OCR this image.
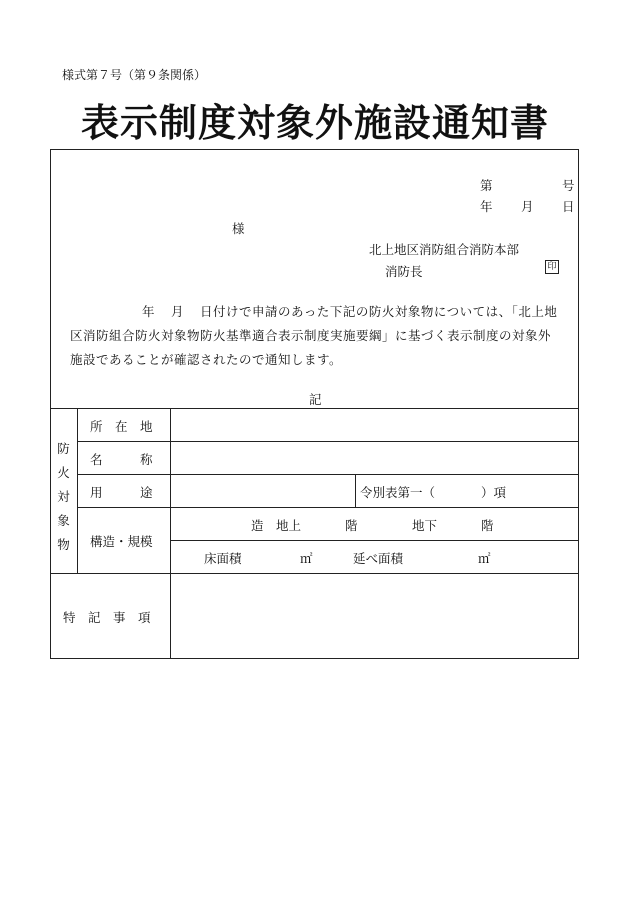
様式第７号（第９条関係）
表示制度対象外施設通知書
第	号
年 月 日
様
北上地区消防組合消防本部
消防長	印
年 月 日付けで申請のあった下記の防火対象物については、「北上地区消防組合防火対象物防火基準適合表示制度実施要綱」に基づく表示制度の対象外施設であることが確認されたので通知します。
記
防
火
対
象
物
所　在　地
名　　　称
用　　　途	令別表第一（	）項
構造・規模
造 地上	階	地下	階
床面積	㎡	延べ面積	㎡
特　記　事　項
